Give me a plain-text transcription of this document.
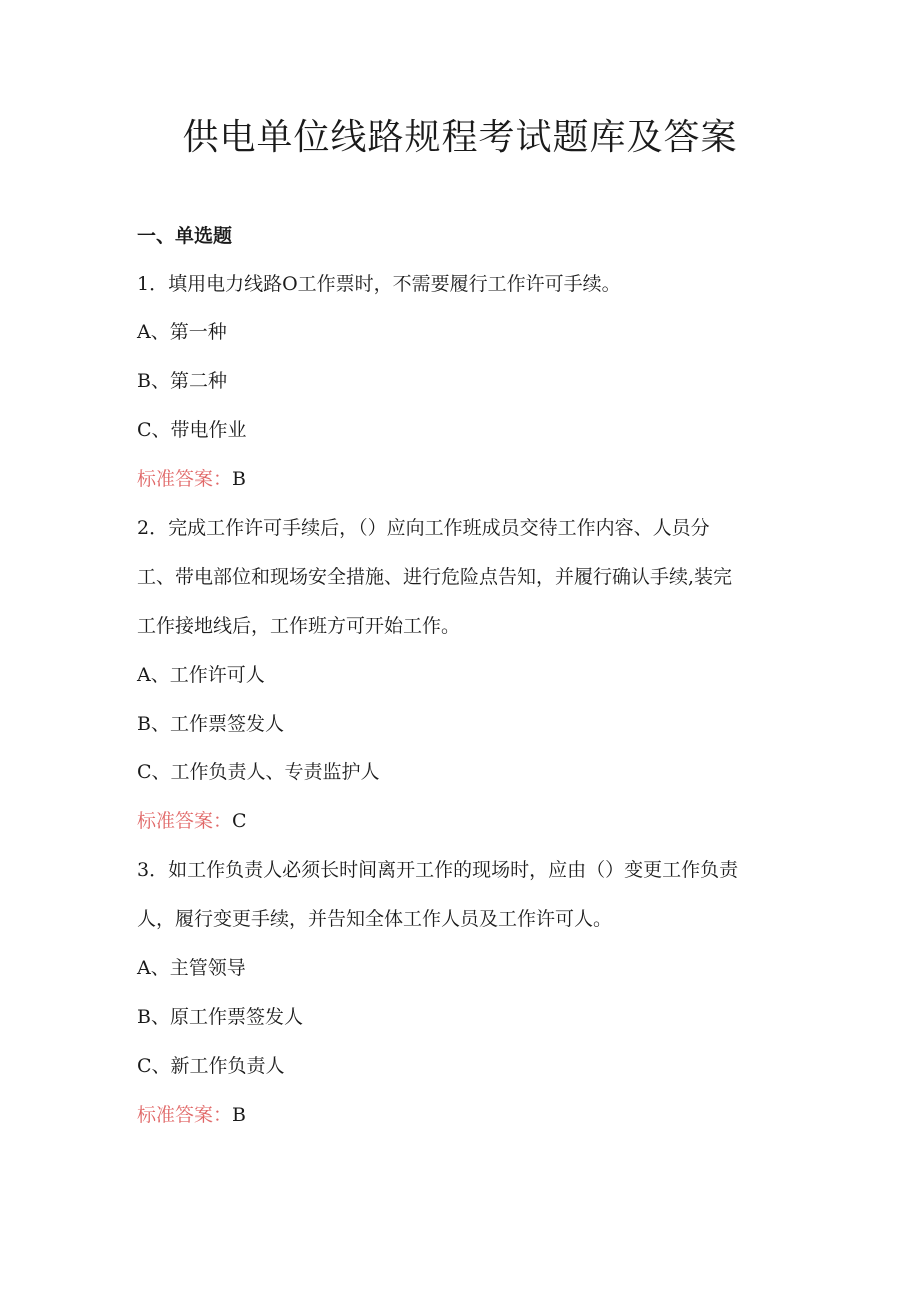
供电单位线路规程考试题库及答案
一、单选题
1．填用电力线路O工作票时，不需要履行工作许可手续。
A、第一种
B、第二种
C、带电作业
标准答案：B
2．完成工作许可手续后，（）应向工作班成员交待工作内容、人员分
工、带电部位和现场安全措施、进行危险点告知，并履行确认手续,装完
工作接地线后，工作班方可开始工作。
A、工作许可人
B、工作票签发人
C、工作负责人、专责监护人
标准答案：C
3．如工作负责人必须长时间离开工作的现场时，应由（）变更工作负责
人，履行变更手续，并告知全体工作人员及工作许可人。
A、主管领导
B、原工作票签发人
C、新工作负责人
标准答案：B
